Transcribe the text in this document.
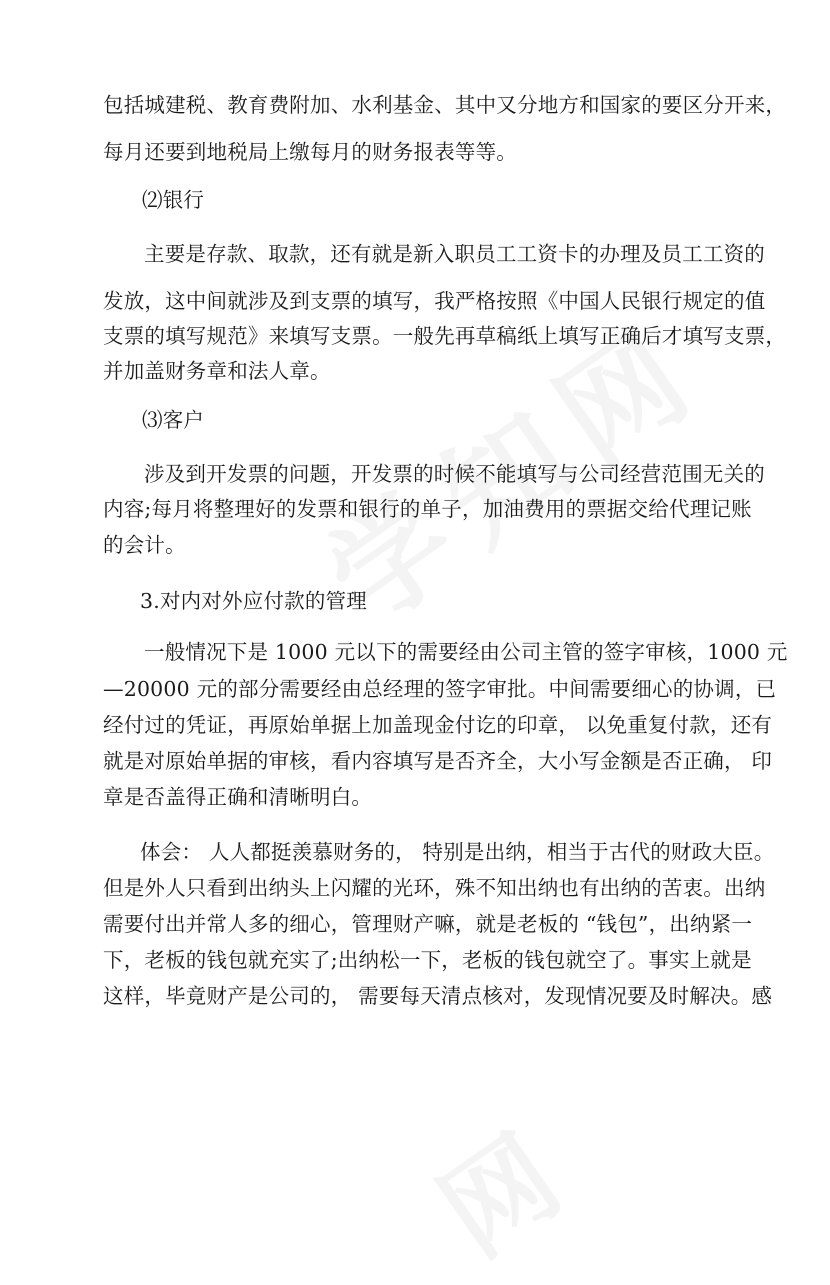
包括城建税、教育费附加、水利基金、其中又分地方和国家的要区分开来，

每月还要到地税局上缴每月的财务报表等等。

⑵银行

主要是存款、取款，还有就是新入职员工工资卡的办理及员工工资的

发放，这中间就涉及到支票的填写，我严格按照《中国人民银行规定的值

支票的填写规范》来填写支票。一般先再草稿纸上填写正确后才填写支票，

并加盖财务章和法人章。

⑶客户

涉及到开发票的问题，开发票的时候不能填写与公司经营范围无关的

内容;每月将整理好的发票和银行的单子，加油费用的票据交给代理记账

的会计。

3.对内对外应付款的管理

一般情况下是 1000 元以下的需要经由公司主管的签字审核，1000 元

—20000 元的部分需要经由总经理的签字审批。中间需要细心的协调，已

经付过的凭证，再原始单据上加盖现金付讫的印章， 以免重复付款，还有

就是对原始单据的审核，看内容填写是否齐全，大小写金额是否正确， 印

章是否盖得正确和清晰明白。

体会： 人人都挺羡慕财务的， 特别是出纳，相当于古代的财政大臣。

但是外人只看到出纳头上闪耀的光环，殊不知出纳也有出纳的苦衷。出纳

需要付出并常人多的细心，管理财产嘛，就是老板的 “钱包”，出纳紧一

下，老板的钱包就充实了;出纳松一下，老板的钱包就空了。事实上就是

这样，毕竟财产是公司的， 需要每天清点核对，发现情况要及时解决。感
